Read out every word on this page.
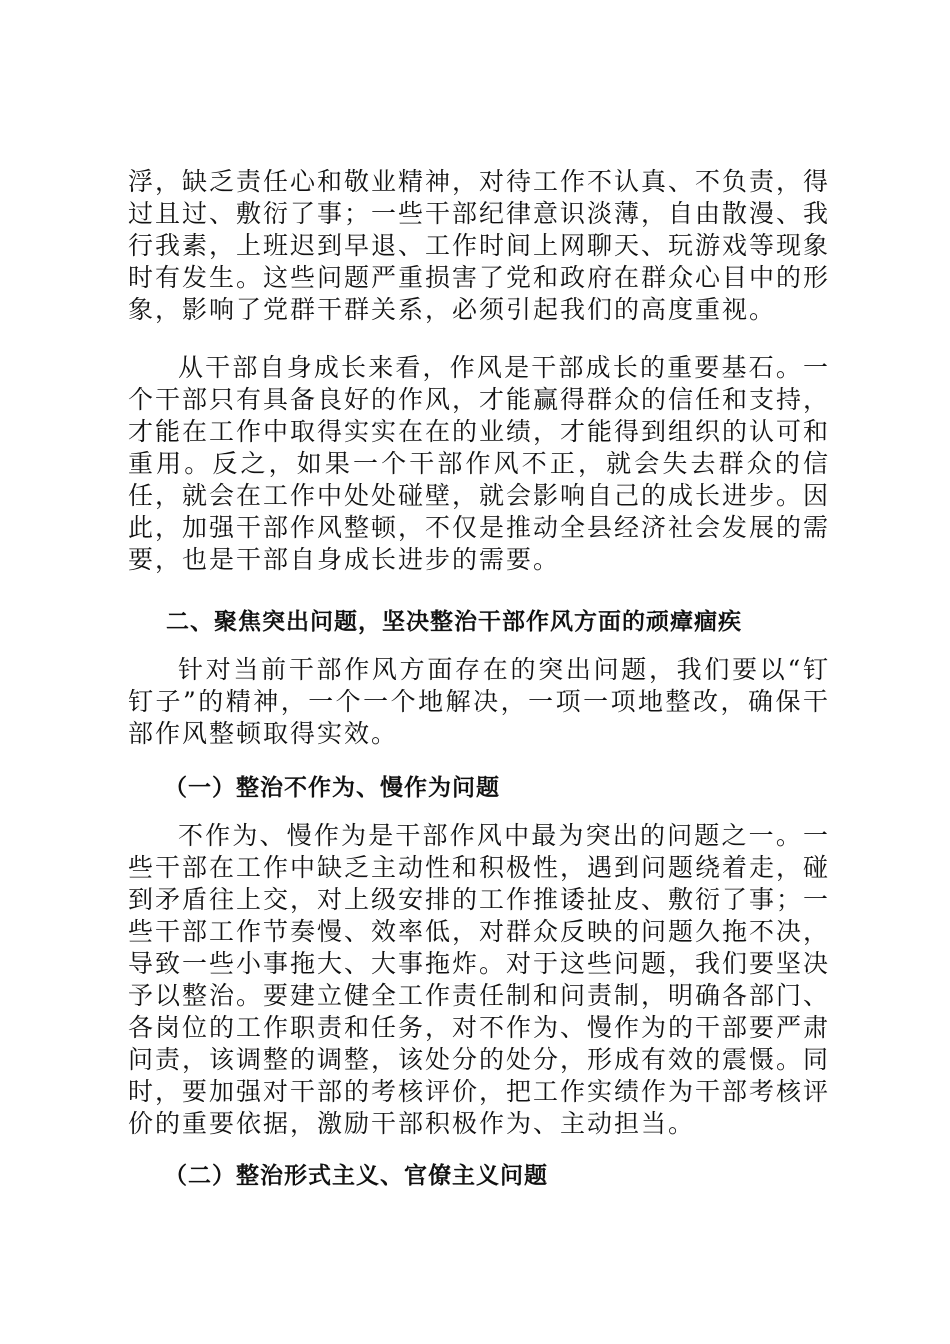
浮，缺乏责任心和敬业精神，对待工作不认真、不负责，得过且过、敷衍了事；一些干部纪律意识淡薄，自由散漫、我行我素，上班迟到早退、工作时间上网聊天、玩游戏等现象时有发生。这些问题严重损害了党和政府在群众心目中的形象，影响了党群干群关系，必须引起我们的高度重视。

从干部自身成长来看，作风是干部成长的重要基石。一个干部只有具备良好的作风，才能赢得群众的信任和支持，才能在工作中取得实实在在的业绩，才能得到组织的认可和重用。反之，如果一个干部作风不正，就会失去群众的信任，就会在工作中处处碰壁，就会影响自己的成长进步。因此，加强干部作风整顿，不仅是推动全县经济社会发展的需要，也是干部自身成长进步的需要。

二、聚焦突出问题，坚决整治干部作风方面的顽瘴痼疾

针对当前干部作风方面存在的突出问题，我们要以“钉钉子”的精神，一个一个地解决，一项一项地整改，确保干部作风整顿取得实效。

（一）整治不作为、慢作为问题

不作为、慢作为是干部作风中最为突出的问题之一。一些干部在工作中缺乏主动性和积极性，遇到问题绕着走，碰到矛盾往上交，对上级安排的工作推诿扯皮、敷衍了事；一些干部工作节奏慢、效率低，对群众反映的问题久拖不决，导致一些小事拖大、大事拖炸。对于这些问题，我们要坚决予以整治。要建立健全工作责任制和问责制，明确各部门、各岗位的工作职责和任务，对不作为、慢作为的干部要严肃问责，该调整的调整，该处分的处分，形成有效的震慑。同时，要加强对干部的考核评价，把工作实绩作为干部考核评价的重要依据，激励干部积极作为、主动担当。

（二）整治形式主义、官僚主义问题
